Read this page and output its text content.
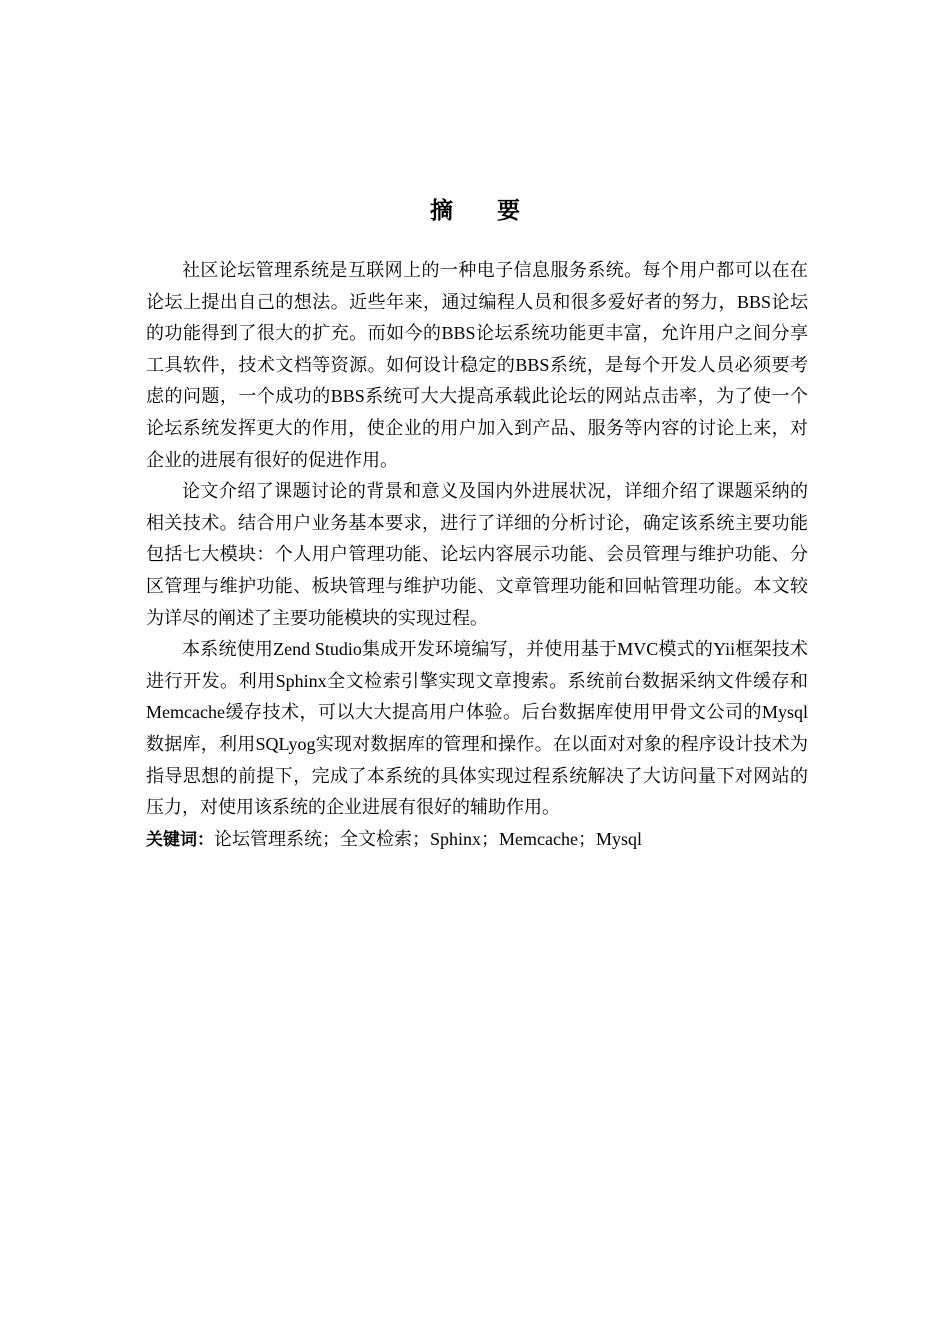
摘 要

社区论坛管理系统是互联网上的一种电子信息服务系统。每个用户都可以在在论坛上提出自己的想法。近些年来，通过编程人员和很多爱好者的努力，BBS论坛的功能得到了很大的扩充。而如今的BBS论坛系统功能更丰富，允许用户之间分享工具软件，技术文档等资源。如何设计稳定的BBS系统，是每个开发人员必须要考虑的问题，一个成功的BBS系统可大大提高承载此论坛的网站点击率，为了使一个论坛系统发挥更大的作用，使企业的用户加入到产品、服务等内容的讨论上来，对企业的进展有很好的促进作用。

论文介绍了课题讨论的背景和意义及国内外进展状况，详细介绍了课题采纳的相关技术。结合用户业务基本要求，进行了详细的分析讨论，确定该系统主要功能包括七大模块：个人用户管理功能、论坛内容展示功能、会员管理与维护功能、分区管理与维护功能、板块管理与维护功能、文章管理功能和回帖管理功能。本文较为详尽的阐述了主要功能模块的实现过程。

本系统使用Zend Studio集成开发环境编写，并使用基于MVC模式的Yii框架技术进行开发。利用Sphinx全文检索引擎实现文章搜索。系统前台数据采纳文件缓存和Memcache缓存技术，可以大大提高用户体验。后台数据库使用甲骨文公司的Mysql数据库，利用SQLyog实现对数据库的管理和操作。在以面对对象的程序设计技术为指导思想的前提下，完成了本系统的具体实现过程系统解决了大访问量下对网站的压力，对使用该系统的企业进展有很好的辅助作用。

关键词：论坛管理系统；全文检索；Sphinx；Memcache；Mysql
